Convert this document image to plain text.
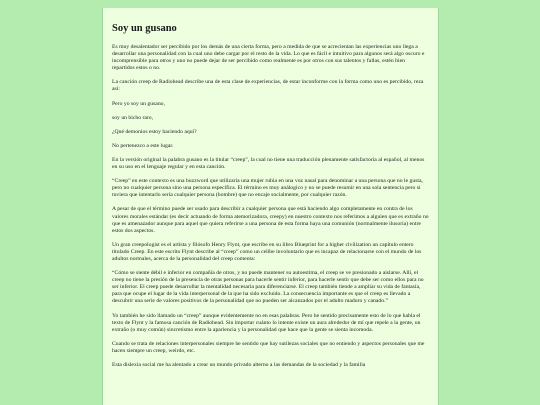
Soy un gusano

Es muy desalentador ser percibido por los demás de una cierta forma, pero a medida de que se acrecientan las experiencias uno llega a desarrollar una personalidad con la cual uno debe cargar por el resto de la vida. Lo que es fácil e intuitivo para algunos será algo oscuro e incomprensible para otros y uno no puede dejar de ser percibido como realmente es por otros con sus talentos y fallas, estén bien repartidos estos o no.

La canción creep de Radiohead describe una de esta clase de experiencias, de estar inconforme con la forma como uno es percibido, reza así:

Pero yo soy un gusano,

soy un bicho raro,

¿Qué demonios estoy haciendo aquí?

No pertenezco a este lugar.

En la versión original la palabra gusano es la titular “creep”, la cual no tiene una traducción plenamente satisfactoria al español, al menos en su uso en el lenguaje regular y en esta canción.

“Creep” en este contexto es una buzzword que utilizaría una mujer rubia en una voz nasal para denominar a una persona que no le gusta, pero no cualquier persona sino una persona específica. El término es muy análogico y no se puede resumir en una sola sentencia pero si tuviera que intentarlo sería cualquier persona (hombre) que no encaje socialmente, por cualquier razón.

A pesar de que el término puede ser usado para describir a cualquier persona que está haciendo algo completamente en contra de los valores morales estándar (es decir actuando de forma atemorizadora, creepy) en nuestro contexto nos referimos a alguien que es extraño no que es amenazador aunque para aquel que quiera referirse a una persona de esta forma haya una comunión (normalmente ilusoria) entre estos dos aspectos.

Un gran creepologist es el artista y filósofo Henry Flynt, que escribe en su libro Blueprint for a higher civilization un capítulo entero titulado Creep. En este escrito Flynt describe al “creep” como un celibe involuntario que es incapaz de relacionarse con el mundo de los adultos normales, acerca de la personalidad del creep comenta:

“Cómo se siente débil e inferior en compañía de otros, y no puede mantener su autoestima, el creep se ve presionado a aislarse. Allí, el creep no tiene la presión de la presencia de otras personas para hacerle sentir inferior, para hacerle sentir que debe ser como ellos para no ser inferior. El creep puede desarrollar la mentalidad necesaria para diferenciarse. El creep también tiende a ampliar su vida de fantasía, para que ocupe el lugar de la vida interpersonal de la que ha sido excluido. La consecuencia importante es que el creep es llevado a descubrir una serie de valores positivos de la personalidad que no pueden ser alcanzados por el adulto maduro y canado.”

Yo también he sido llamado un “creep” aunque evidentemente no en esas palabras. Pero he sentido precisamente esto de lo que habla el texto de Flynt y la famosa canción de Radiohead. Sin importar cuánto lo intente existe un aura alrededor de mí que repele a la gente, un extraño (o muy común) sincretismo entre la apariencia y la personalidad que hace que la gente se sienta incomoda.

Cuando se trata de relaciones interpersonales siempre he sentido que hay sutilezas sociales que no entiendo y aspectos personales que me hacen siempre un creep, weirdo, etc.

Esta dislexia social me ha alentado a crear un mundo privado alterno a las demandas de la sociedad y la familia
